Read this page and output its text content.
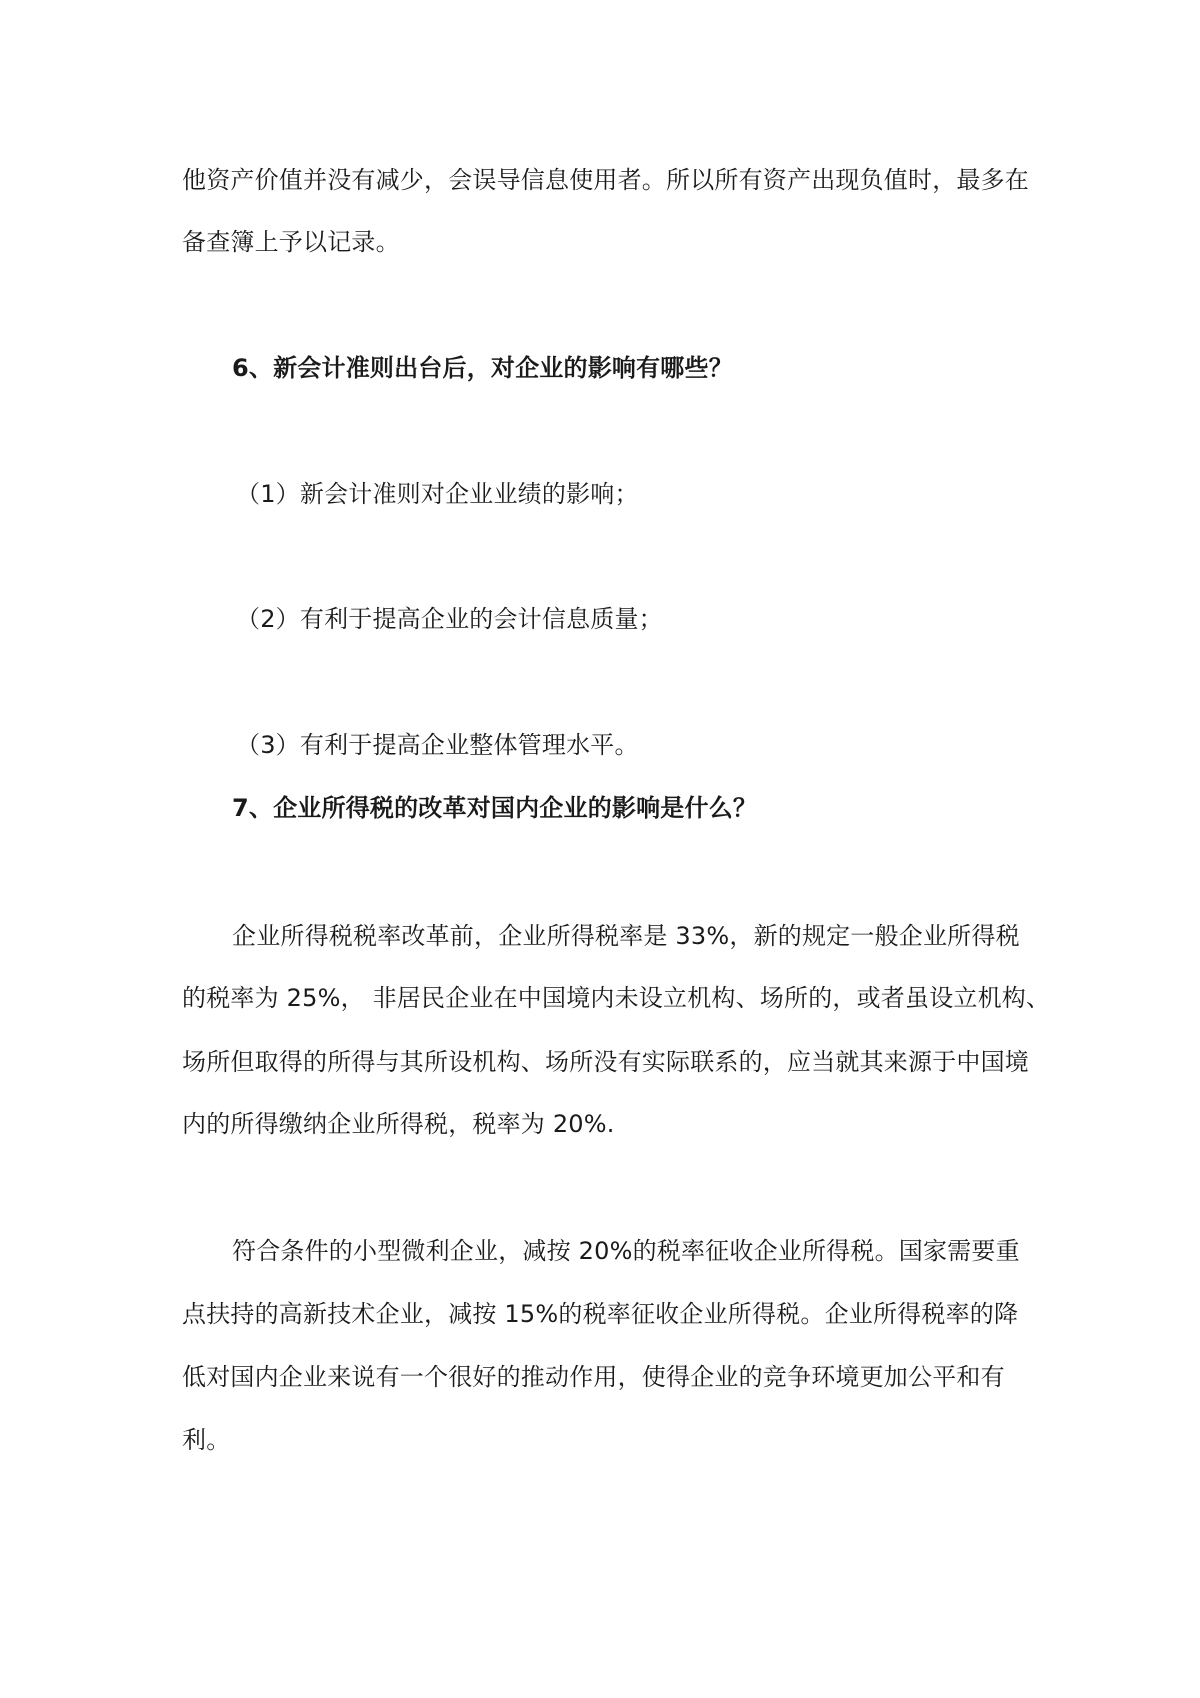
他资产价值并没有减少，会误导信息使用者。所以所有资产出现负值时，最多在
备查簿上予以记录。
6、新会计准则出台后，对企业的影响有哪些？
（1）新会计准则对企业业绩的影响；
（2）有利于提高企业的会计信息质量；
（3）有利于提高企业整体管理水平。
7、企业所得税的改革对国内企业的影响是什么？
企业所得税税率改革前，企业所得税率是 33%，新的规定一般企业所得税
的税率为 25%， 非居民企业在中国境内未设立机构、场所的，或者虽设立机构、
场所但取得的所得与其所设机构、场所没有实际联系的，应当就其来源于中国境
内的所得缴纳企业所得税，税率为 20%.
符合条件的小型微利企业，减按 20%的税率征收企业所得税。国家需要重
点扶持的高新技术企业，减按 15%的税率征收企业所得税。企业所得税率的降
低对国内企业来说有一个很好的推动作用，使得企业的竞争环境更加公平和有
利。
